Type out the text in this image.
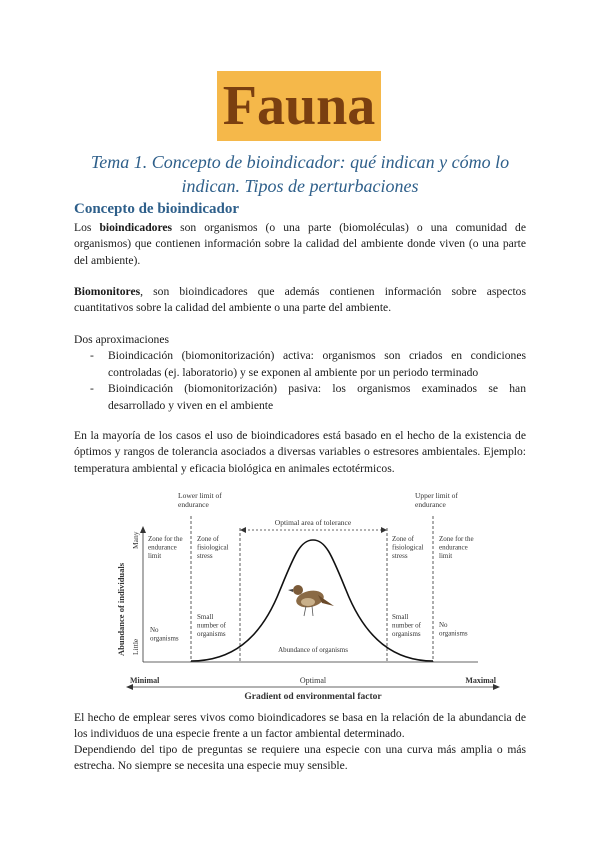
Fauna
Tema 1. Concepto de bioindicador: qué indican y cómo lo indican. Tipos de perturbaciones
Concepto de bioindicador
Los bioindicadores son organismos (o una parte (biomoléculas) o una comunidad de organismos) que contienen información sobre la calidad del ambiente donde viven (o una parte del ambiente).
Biomonitores, son bioindicadores que además contienen información sobre aspectos cuantitativos sobre la calidad del ambiente o una parte del ambiente.
Dos aproximaciones
- Bioindicación (biomonitorización) activa: organismos son criados en condiciones controladas (ej. laboratorio) y se exponen al ambiente por un periodo terminado
- Bioindicación (biomonitorización) pasiva: los organismos examinados se han desarrollado y viven en el ambiente
En la mayoría de los casos el uso de bioindicadores está basado en el hecho de la existencia de óptimos y rangos de tolerancia asociados a diversas variables o estresores ambientales. Ejemplo: temperatura ambiental y eficacia biológica en animales ectotérmicos.
Lower limit of endurance
Upper limit of endurance
Optimal area of tolerance
Abundance of individuals
Many
Little
Zone for the endurance limit
Zone of fisiological stress
Zone of fisiological stress
Zone for the endurance limit
No organisms
Small number of organisms
Abundance of organisms
Small number of organisms
No organisms
Minimal	Optimal	Maximal
Gradient od environmental factor
El hecho de emplear seres vivos como bioindicadores se basa en la relación de la abundancia de los individuos de una especie frente a un factor ambiental determinado.
Dependiendo del tipo de preguntas se requiere una especie con una curva más amplia o más estrecha. No siempre se necesita una especie muy sensible.
